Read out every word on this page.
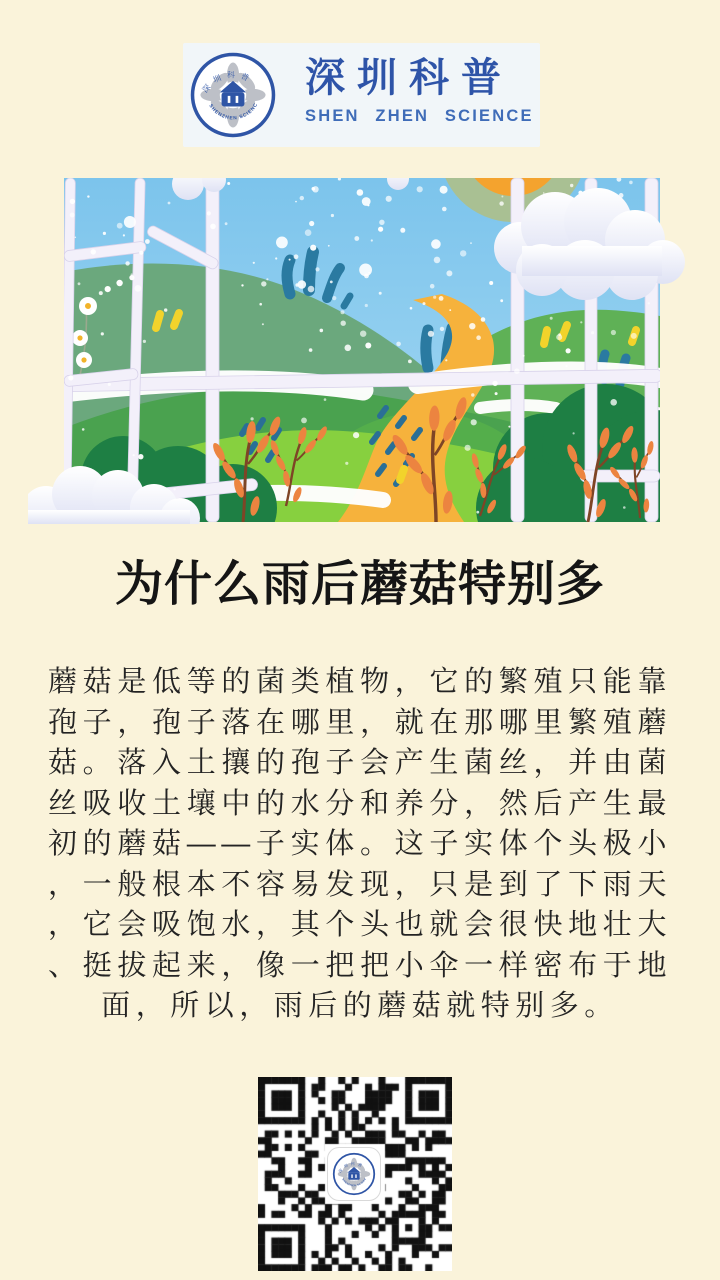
深圳科普
SHEN ZHEN SCIENCE
为什么雨后蘑菇特别多

蘑菇是低等的菌类植物，它的繁殖只能靠孢子，孢子落在哪里，就在那哪里繁殖蘑菇。落入土攘的孢子会产生菌丝，并由菌丝吸收土壤中的水分和养分，然后产生最初的蘑菇——子实体。这子实体个头极小，一般根本不容易发现，只是到了下雨天，它会吸饱水，其个头也就会很快地壮大、挺拔起来，像一把把小伞一样密布于地面，所以，雨后的蘑菇就特别多。
